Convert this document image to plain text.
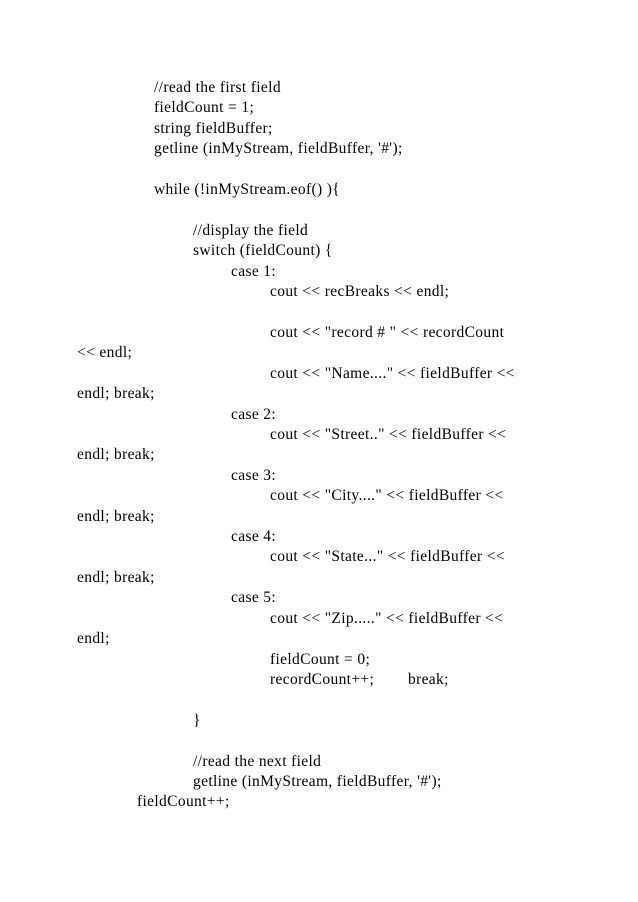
//read the first field
fieldCount = 1;
string fieldBuffer;
getline (inMyStream, fieldBuffer, '#');
while (!inMyStream.eof() ){
//display the field
switch (fieldCount) {
case 1:
cout << recBreaks << endl;
cout << "record # " << recordCount
<< endl;
cout << "Name...." << fieldBuffer <<
endl; break;
case 2:
cout << "Street.." << fieldBuffer <<
endl; break;
case 3:
cout << "City...." << fieldBuffer <<
endl; break;
case 4:
cout << "State..." << fieldBuffer <<
endl; break;
case 5:
cout << "Zip....." << fieldBuffer <<
endl;
fieldCount = 0;
recordCount++;        break;
}
//read the next field
getline (inMyStream, fieldBuffer, '#');
fieldCount++;
